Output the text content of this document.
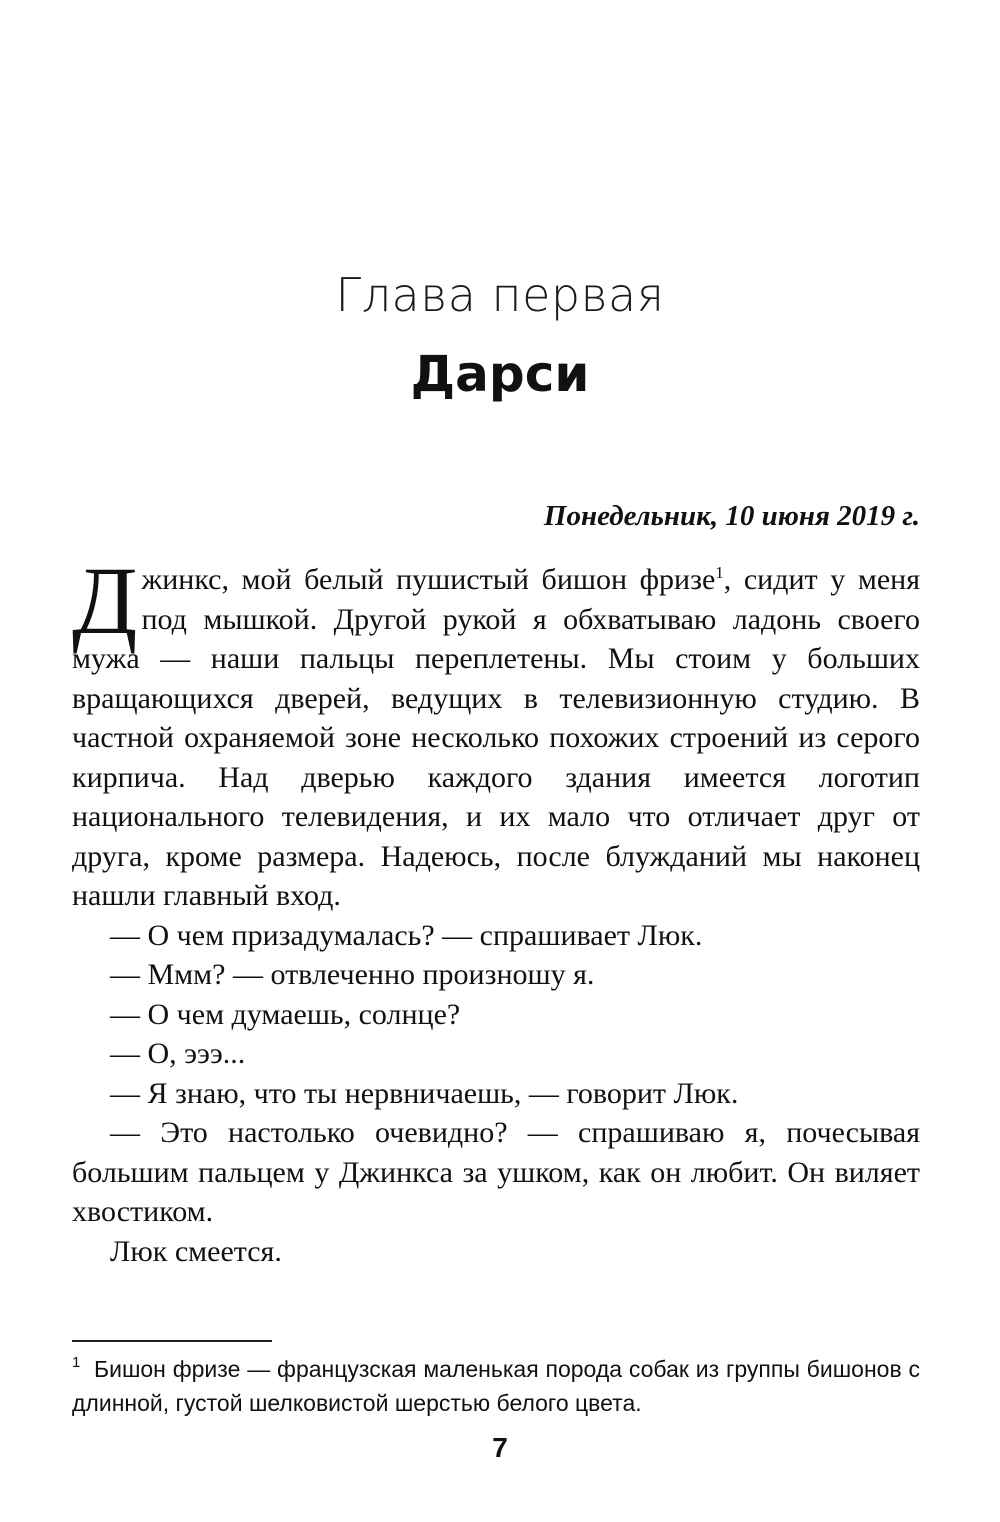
Глава первая
Дарси
Понедельник, 10 июня 2019 г.

Джинкс, мой белый пушистый бишон фризе$^1$, сидит у меня под мышкой. Другой рукой я обхватываю ладонь своего мужа — наши пальцы переплетены. Мы стоим у больших вращающихся дверей, ведущих в телевизионную студию. В частной охраняемой зоне несколько похожих строений из серого кирпича. Над дверью каждого здания имеется логотип национального телевидения, и их мало что отличает друг от друга, кроме размера. Надеюсь, после блужданий мы наконец нашли главный вход.

— О чем призадумалась? — спрашивает Люк.

— Ммм? — отвлеченно произношу я.

— О чем думаешь, солнце?

— О, эээ...

— Я знаю, что ты нервничаешь, — говорит Люк.

— Это настолько очевидно? — спрашиваю я, почесывая большим пальцем у Джинкса за ушком, как он любит. Он виляет хвостиком.

Люк смеется.

1 Бишон фризе — французская маленькая порода собак из группы бишонов с длинной, густой шелковистой шерстью белого цвета.
7
